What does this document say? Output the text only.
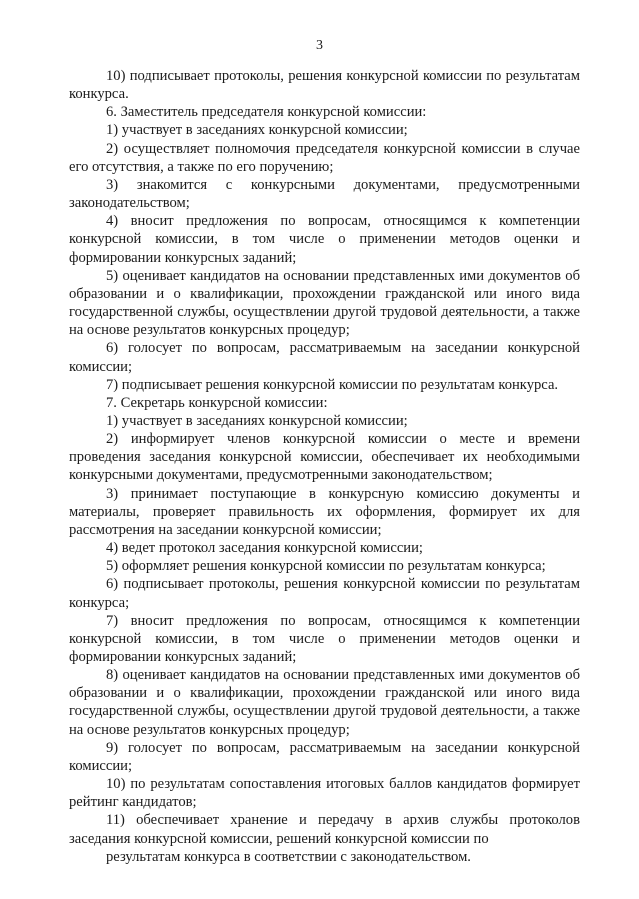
3

10) подписывает протоколы, решения конкурсной комиссии по результатам конкурса.

6. Заместитель председателя конкурсной комиссии:

1) участвует в заседаниях конкурсной комиссии;

2) осуществляет полномочия председателя конкурсной комиссии в случае его отсутствия, а также по его поручению;

3) знакомится с конкурсными документами, предусмотренными законодательством;

4) вносит предложения по вопросам, относящимся к компетенции конкурсной комиссии, в том числе о применении методов оценки и формировании конкурсных заданий;

5) оценивает кандидатов на основании представленных ими документов об образовании и о квалификации, прохождении гражданской или иного вида государственной службы, осуществлении другой трудовой деятельности, а также на основе результатов конкурсных процедур;

6) голосует по вопросам, рассматриваемым на заседании конкурсной комиссии;

7) подписывает решения конкурсной комиссии по результатам конкурса.

7. Секретарь конкурсной комиссии:

1) участвует в заседаниях конкурсной комиссии;

2) информирует членов конкурсной комиссии о месте и времени проведения заседания конкурсной комиссии, обеспечивает их необходимыми конкурсными документами, предусмотренными законодательством;

3) принимает поступающие в конкурсную комиссию документы и материалы, проверяет правильность их оформления, формирует их для рассмотрения на заседании конкурсной комиссии;

4) ведет протокол заседания конкурсной комиссии;

5) оформляет решения конкурсной комиссии по результатам конкурса;

6) подписывает протоколы, решения конкурсной комиссии по результатам конкурса;

7) вносит предложения по вопросам, относящимся к компетенции конкурсной комиссии, в том числе о применении методов оценки и формировании конкурсных заданий;

8) оценивает кандидатов на основании представленных ими документов об образовании и о квалификации, прохождении гражданской или иного вида государственной службы, осуществлении другой трудовой деятельности, а также на основе результатов конкурсных процедур;

9) голосует по вопросам, рассматриваемым на заседании конкурсной комиссии;

10) по результатам сопоставления итоговых баллов кандидатов формирует рейтинг кандидатов;

11) обеспечивает хранение и передачу в архив службы протоколов заседания конкурсной комиссии, решений конкурсной комиссии по

результатам конкурса в соответствии с законодательством.
